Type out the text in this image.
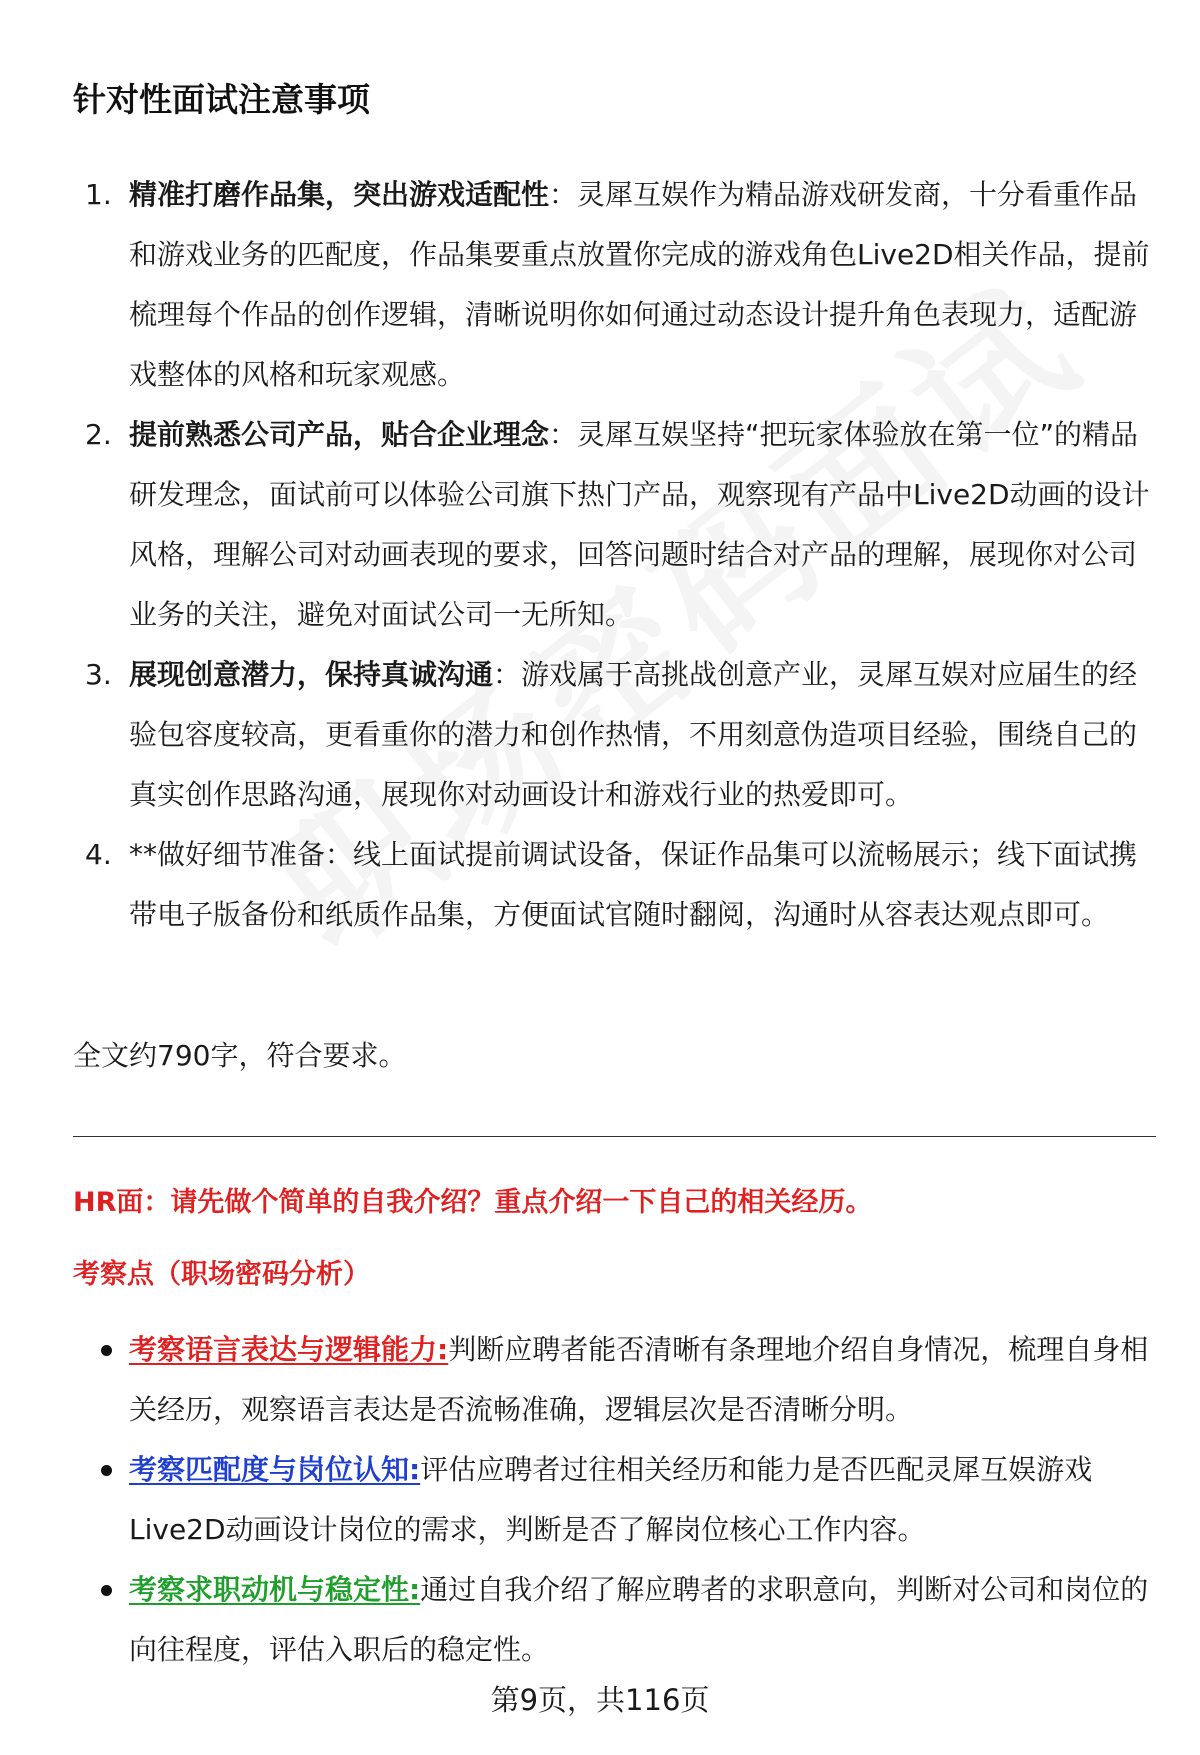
针对性面试注意事项
1. 精准打磨作品集，突出游戏适配性：灵犀互娱作为精品游戏研发商，十分看重作品和游戏业务的匹配度，作品集要重点放置你完成的游戏角色Live2D相关作品，提前梳理每个作品的创作逻辑，清晰说明你如何通过动态设计提升角色表现力，适配游戏整体的风格和玩家观感。
2. 提前熟悉公司产品，贴合企业理念：灵犀互娱坚持“把玩家体验放在第一位”的精品研发理念，面试前可以体验公司旗下热门产品，观察现有产品中Live2D动画的设计风格，理解公司对动画表现的要求，回答问题时结合对产品的理解，展现你对公司业务的关注，避免对面试公司一无所知。
3. 展现创意潜力，保持真诚沟通：游戏属于高挑战创意产业，灵犀互娱对应届生的经验包容度较高，更看重你的潜力和创作热情，不用刻意伪造项目经验，围绕自己的真实创作思路沟通，展现你对动画设计和游戏行业的热爱即可。
4. **做好细节准备：线上面试提前调试设备，保证作品集可以流畅展示；线下面试携带电子版备份和纸质作品集，方便面试官随时翻阅，沟通时从容表达观点即可。
全文约790字，符合要求。
HR面：请先做个简单的自我介绍？重点介绍一下自己的相关经历。
考察点（职场密码分析）
考察语言表达与逻辑能力:判断应聘者能否清晰有条理地介绍自身情况，梳理自身相关经历，观察语言表达是否流畅准确，逻辑层次是否清晰分明。
考察匹配度与岗位认知:评估应聘者过往相关经历和能力是否匹配灵犀互娱游戏Live2D动画设计岗位的需求，判断是否了解岗位核心工作内容。
考察求职动机与稳定性:通过自我介绍了解应聘者的求职意向，判断对公司和岗位的向往程度，评估入职后的稳定性。
第9页，共116页
